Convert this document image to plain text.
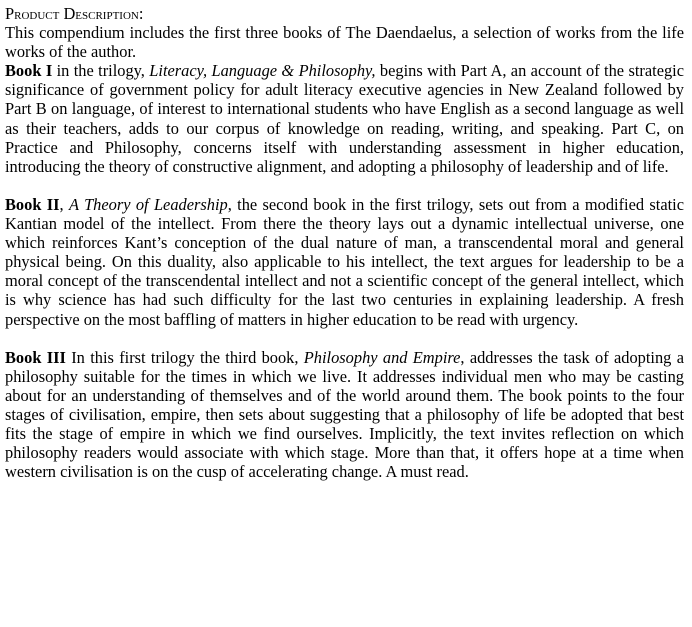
Product Description:

This compendium includes the first three books of The Daendaelus, a selection of works from the life works of the author.

Book I in the trilogy, Literacy, Language & Philosophy, begins with Part A, an account of the strategic significance of government policy for adult literacy executive agencies in New Zealand followed by Part B on language, of interest to international students who have English as a second language as well as their teachers, adds to our corpus of knowledge on reading, writing, and speaking. Part C, on Practice and Philosophy, concerns itself with understanding assessment in higher education, introducing the theory of constructive alignment, and adopting a philosophy of leadership and of life.

Book II, A Theory of Leadership, the second book in the first trilogy, sets out from a modified static Kantian model of the intellect. From there the theory lays out a dynamic intellectual universe, one which reinforces Kant’s conception of the dual nature of man, a transcendental moral and general physical being. On this duality, also applicable to his intellect, the text argues for leadership to be a moral concept of the transcendental intellect and not a scientific concept of the general intellect, which is why science has had such difficulty for the last two centuries in explaining leadership. A fresh perspective on the most baffling of matters in higher education to be read with urgency.

Book III In this first trilogy the third book, Philosophy and Empire, addresses the task of adopting a philosophy suitable for the times in which we live. It addresses individual men who may be casting about for an understanding of themselves and of the world around them. The book points to the four stages of civilisation, empire, then sets about suggesting that a philosophy of life be adopted that best fits the stage of empire in which we find ourselves. Implicitly, the text invites reflection on which philosophy readers would associate with which stage. More than that, it offers hope at a time when western civilisation is on the cusp of accelerating change. A must read.
